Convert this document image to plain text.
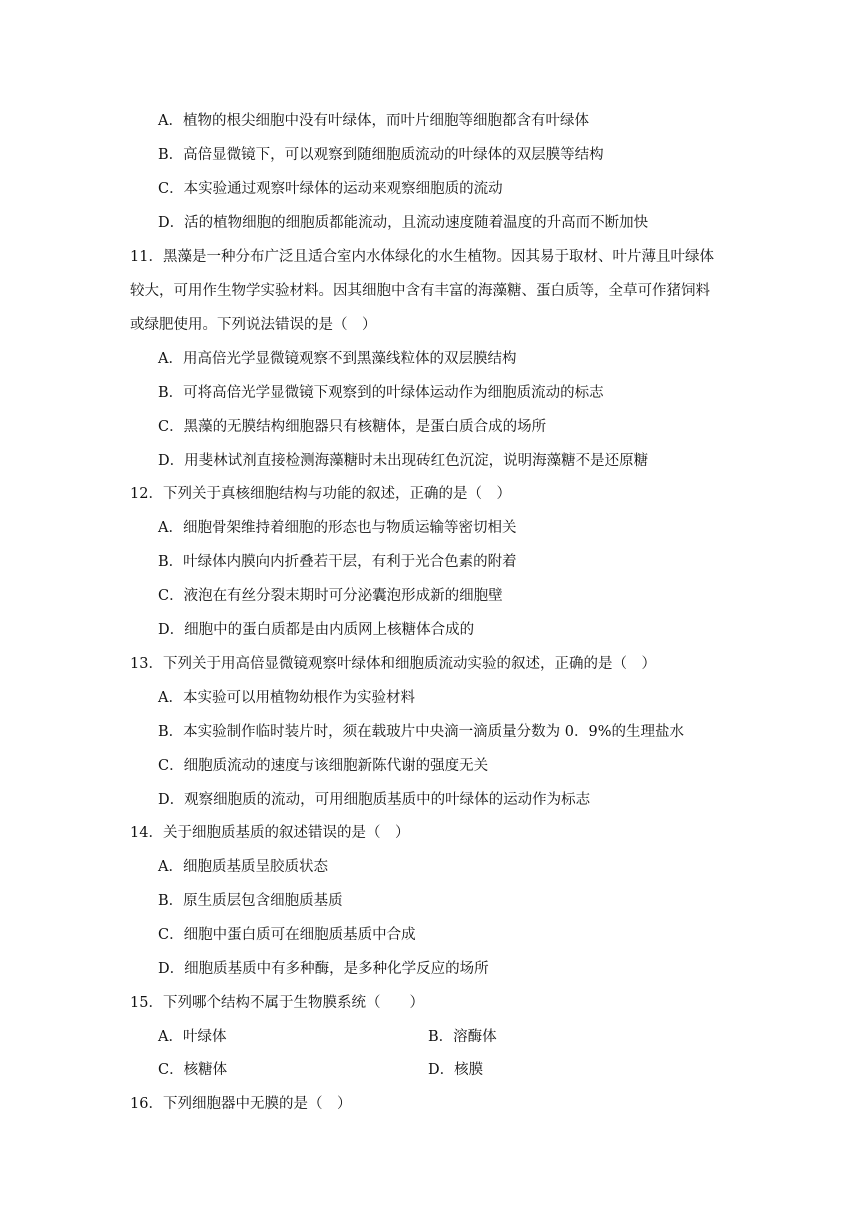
A．植物的根尖细胞中没有叶绿体，而叶片细胞等细胞都含有叶绿体
B．高倍显微镜下，可以观察到随细胞质流动的叶绿体的双层膜等结构
C．本实验通过观察叶绿体的运动来观察细胞质的流动
D．活的植物细胞的细胞质都能流动，且流动速度随着温度的升高而不断加快
11．黑藻是一种分布广泛且适合室内水体绿化的水生植物。因其易于取材、叶片薄且叶绿体
较大，可用作生物学实验材料。因其细胞中含有丰富的海藻糖、蛋白质等，全草可作猪饲料
或绿肥使用。下列说法错误的是（　）
A．用高倍光学显微镜观察不到黑藻线粒体的双层膜结构
B．可将高倍光学显微镜下观察到的叶绿体运动作为细胞质流动的标志
C．黑藻的无膜结构细胞器只有核糖体，是蛋白质合成的场所
D．用斐林试剂直接检测海藻糖时未出现砖红色沉淀，说明海藻糖不是还原糖
12．下列关于真核细胞结构与功能的叙述，正确的是（　）
A．细胞骨架维持着细胞的形态也与物质运输等密切相关
B．叶绿体内膜向内折叠若干层，有利于光合色素的附着
C．液泡在有丝分裂末期时可分泌囊泡形成新的细胞壁
D．细胞中的蛋白质都是由内质网上核糖体合成的
13．下列关于用高倍显微镜观察叶绿体和细胞质流动实验的叙述，正确的是（　）
A．本实验可以用植物幼根作为实验材料
B．本实验制作临时装片时，须在载玻片中央滴一滴质量分数为 0．9%的生理盐水
C．细胞质流动的速度与该细胞新陈代谢的强度无关
D．观察细胞质的流动，可用细胞质基质中的叶绿体的运动作为标志
14．关于细胞质基质的叙述错误的是（　）
A．细胞质基质呈胶质状态
B．原生质层包含细胞质基质
C．细胞中蛋白质可在细胞质基质中合成
D．细胞质基质中有多种酶，是多种化学反应的场所
15．下列哪个结构不属于生物膜系统（　　）
A．叶绿体	B．溶酶体
C．核糖体	D．核膜
16．下列细胞器中无膜的是（　）
